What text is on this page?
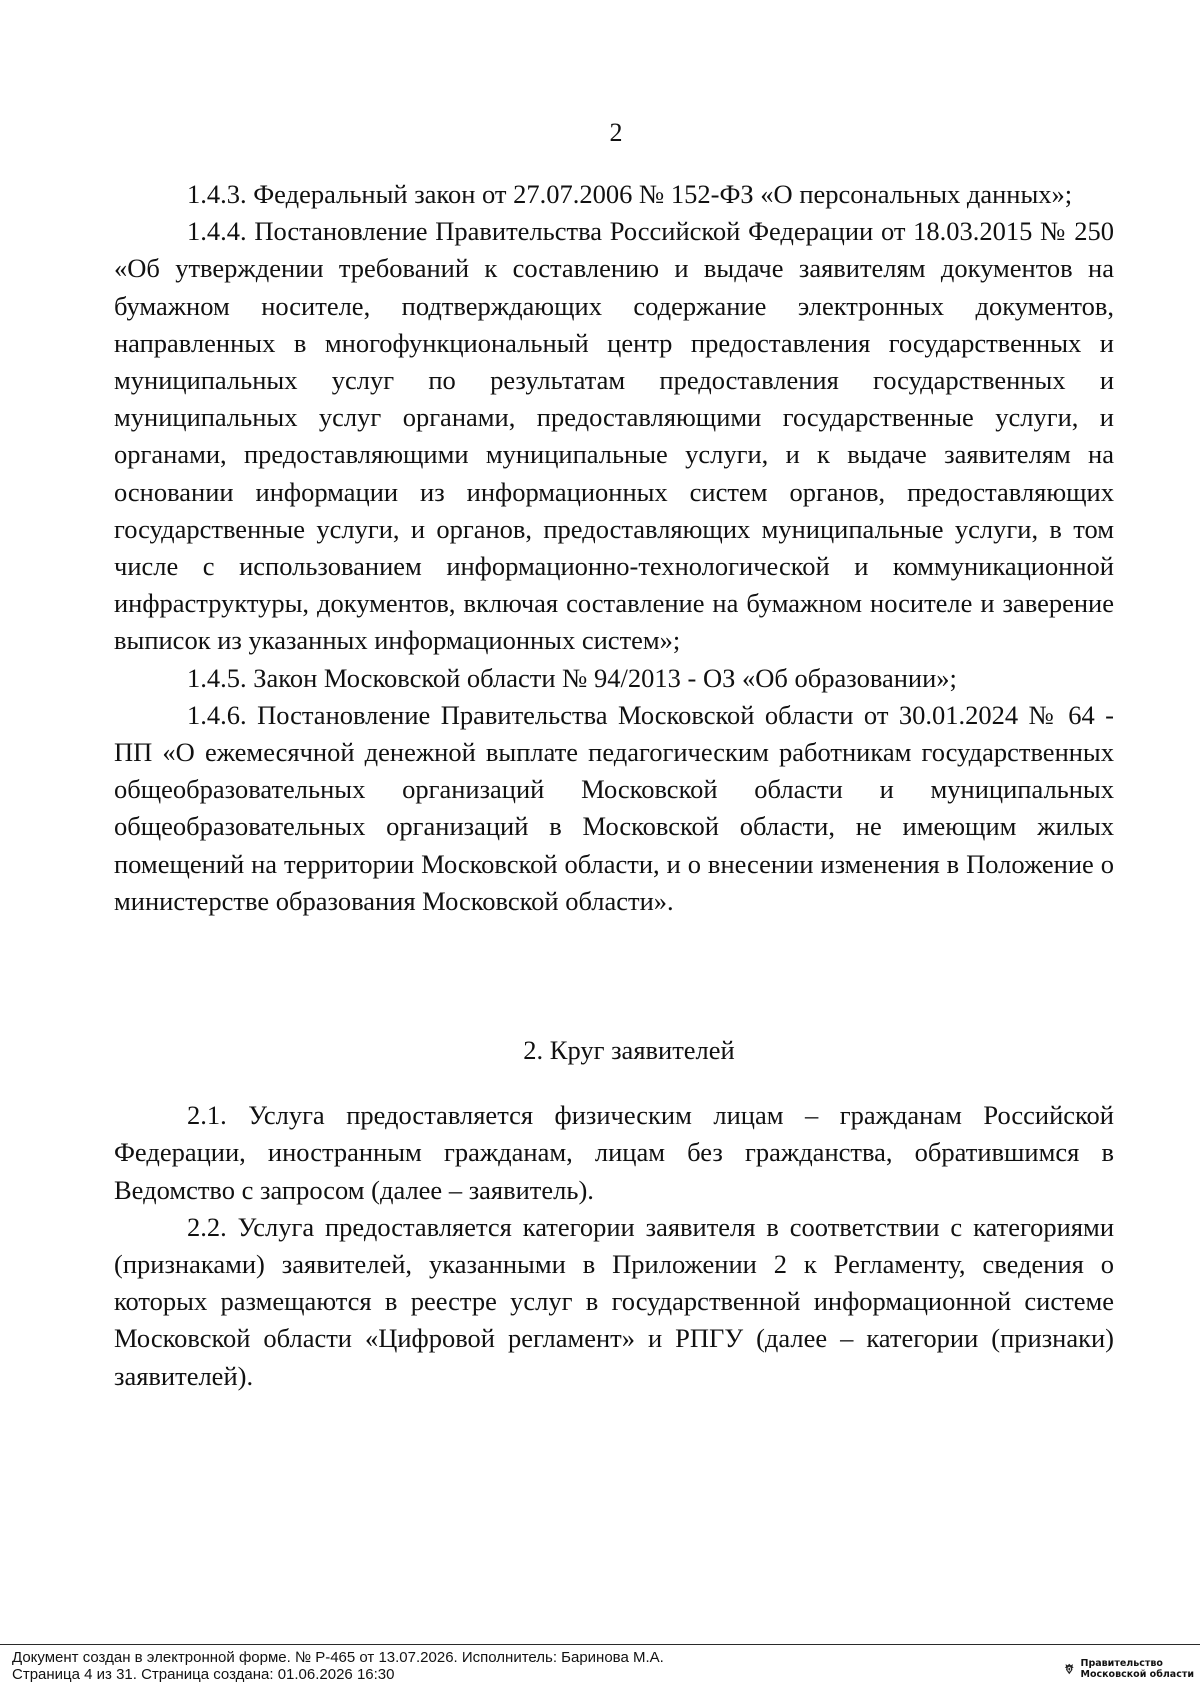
2

1.4.3. Федеральный закон от 27.07.2006 № 152-ФЗ «О персональных данных»;

1.4.4. Постановление Правительства Российской Федерации от 18.03.2015 № 250 «Об утверждении требований к составлению и выдаче заявителям документов на бумажном носителе, подтверждающих содержание электронных документов, направленных в многофункциональный центр предоставления государственных и муниципальных услуг по результатам предоставления государственных и муниципальных услуг органами, предоставляющими государственные услуги, и органами, предоставляющими муниципальные услуги, и к выдаче заявителям на основании информации из информационных систем органов, предоставляющих государственные услуги, и органов, предоставляющих муниципальные услуги, в том числе с использованием информационно-технологической и коммуникационной инфраструктуры, документов, включая составление на бумажном носителе и заверение выписок из указанных информационных систем»;

1.4.5. Закон Московской области № 94/2013 - ОЗ «Об образовании»;

1.4.6. Постановление Правительства Московской области от 30.01.2024 № 64 - ПП «О ежемесячной денежной выплате педагогическим работникам государственных общеобразовательных организаций Московской области и муниципальных общеобразовательных организаций в Московской области, не имеющим жилых помещений на территории Московской области, и о внесении изменения в Положение о министерстве образования Московской области».

2. Круг заявителей

2.1. Услуга предоставляется физическим лицам – гражданам Российской Федерации, иностранным гражданам, лицам без гражданства, обратившимся в Ведомство с запросом (далее – заявитель).

2.2. Услуга предоставляется категории заявителя в соответствии с категориями (признаками) заявителей, указанными в Приложении 2 к Регламенту, сведения о которых размещаются в реестре услуг в государственной информационной системе Московской области «Цифровой регламент» и РПГУ (далее – категории (признаки) заявителей).

Документ создан в электронной форме. № Р-465 от 13.07.2026. Исполнитель: Баринова М.А.
Страница 4 из 31. Страница создана: 01.06.2026 16:30
Правительство
Московской области
